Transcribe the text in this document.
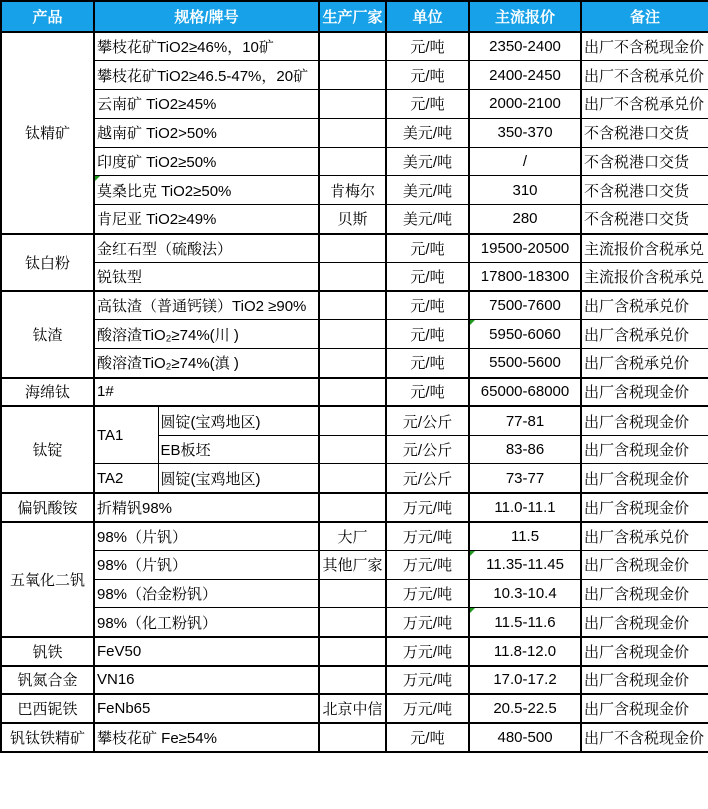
产品	规格/牌号		生产厂家	单位	主流报价	备注
钛精矿	攀枝花矿TiO2≥46%，10矿			元/吨	2350-2400	出厂不含税现金价
	攀枝花矿TiO2≥46.5-47%，20矿			元/吨	2400-2450	出厂不含税承兑价
	云南矿 TiO2≥45%			元/吨	2000-2100	出厂不含税承兑价
	越南矿 TiO2>50%			美元/吨	350-370	不含税港口交货
	印度矿 TiO2≥50%			美元/吨	/	不含税港口交货
	莫桑比克 TiO2≥50%		肯梅尔	美元/吨	310	不含税港口交货
	肯尼亚 TiO2≥49%		贝斯	美元/吨	280	不含税港口交货
钛白粉	金红石型（硫酸法）			元/吨	19500-20500	主流报价含税承兑
	锐钛型			元/吨	17800-18300	主流报价含税承兑
钛渣	高钛渣（普通钙镁）TiO2 ≥90%			元/吨	7500-7600	出厂含税承兑价
	酸溶渣TiO₂≥74%(川 )			元/吨	5950-6060	出厂含税承兑价
	酸溶渣TiO₂≥74%(滇 )			元/吨	5500-5600	出厂含税承兑价
海绵钛	1#			元/吨	65000-68000	出厂含税现金价
钛锭	TA1	圆锭(宝鸡地区)		元/公斤	77-81	出厂含税现金价
		EB板坯		元/公斤	83-86	出厂含税现金价
	TA2	圆锭(宝鸡地区)		元/公斤	73-77	出厂含税现金价
偏钒酸铵	折精钒98%			万元/吨	11.0-11.1	出厂含税现金价
五氧化二钒	98%（片钒）		大厂	万元/吨	11.5	出厂含税承兑价
	98%（片钒）		其他厂家	万元/吨	11.35-11.45	出厂含税现金价
	98%（冶金粉钒）			万元/吨	10.3-10.4	出厂含税现金价
	98%（化工粉钒）			万元/吨	11.5-11.6	出厂含税现金价
钒铁	FeV50			万元/吨	11.8-12.0	出厂含税现金价
钒氮合金	VN16			万元/吨	17.0-17.2	出厂含税现金价
巴西铌铁	FeNb65		北京中信	万元/吨	20.5-22.5	出厂含税现金价
钒钛铁精矿	攀枝花矿 Fe≥54%			元/吨	480-500	出厂不含税现金价
